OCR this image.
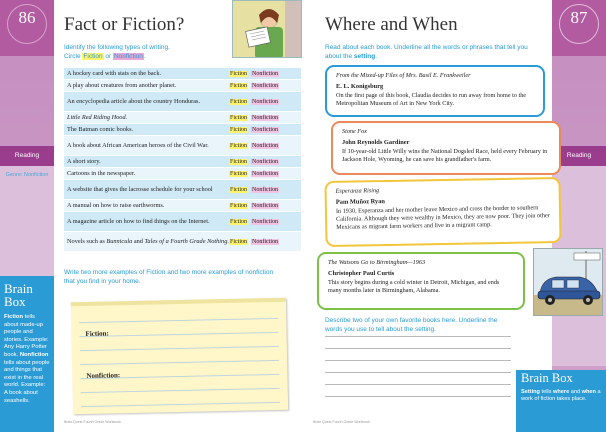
86
Reading
Genre: Nonfiction
Brain Box
Fiction tells about made-up people and stories. Example: Any Harry Potter book. Nonfiction tells about people and things that exist in the real world. Example: A book about seashells.
Fact or Fiction?
Identify the following types of writing.
Circle Fiction or Nonfiction.
A hockey card with stats on the back.	Fiction Nonfiction
A play about creatures from another planet.	Fiction Nonfiction
An encyclopedia article about the country Honduras.	Fiction Nonfiction
Little Red Riding Hood.	Fiction Nonfiction
The Batman comic books.	Fiction Nonfiction
A book about African American heroes of the Civil War.	Fiction Nonfiction
A short story.	Fiction Nonfiction
Cartoons in the newspaper.	Fiction Nonfiction
A website that gives the lacrosse schedule for your school	Fiction Nonfiction
A manual on how to raise earthworms.	Fiction Nonfiction
A magazine article on how to find things on the Internet.	Fiction Nonfiction
Novels such as Bunnicula and Tales of a Fourth Grade Nothing Fiction Nonfiction
Write two more examples of Fiction and two more examples of nonfiction that you find in your home.
Fiction:
Nonfiction:
Brain Quest Fourth Grade Workbook
87
Reading
Where and When
Read about each book. Underline all the words or phrases that tell you about the setting.
From the Mixed-up Files of Mrs. Basil E. Frankweiler
E. L. Konigsburg
On the first page of this book, Claudia decides to run away from home to the Metropolitan Museum of Art in New York City.
Stone Fox
John Reynolds Gardiner
If 10-year-old Little Willy wins the National Dogsled Race, held every February in Jackson Hole, Wyoming, he can save his grandfather's farm.
Esperanza Rising
Pam Muñoz Ryan
In 1930, Esperanza and her mother leave Mexico and cross the border to southern California. Although they were wealthy in Mexico, they are now poor. They join other Mexicans as migrant farm workers and live in a migrant camp.
The Watsons Go to Birmingham—1963
Christopher Paul Curtis
This story begins during a cold winter in Detroit, Michigan, and ends many months later in Birmingham, Alabama.
Describe two of your own favorite books here. Underline the words you use to tell about the setting.
Brain Box
Setting tells where and when a work of fiction takes place.
Brain Quest Fourth Grade Workbook
